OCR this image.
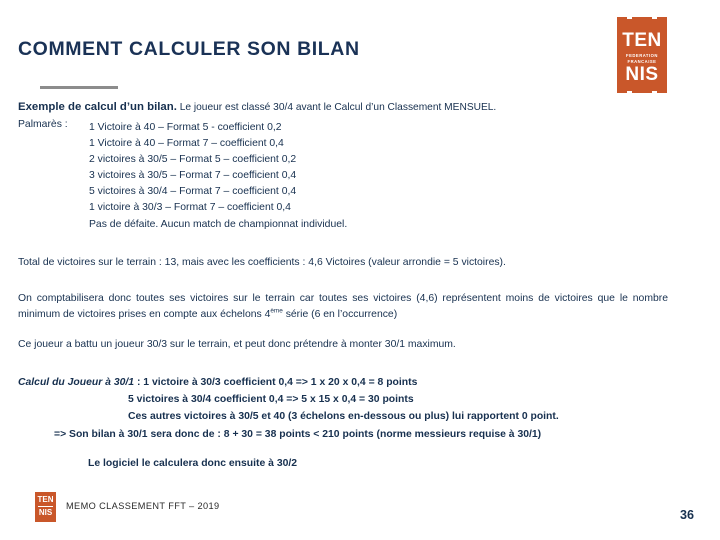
COMMENT CALCULER SON BILAN	TEN
FEDERATION
FRANCAISE
NIS
Exemple de calcul d’un bilan. Le joueur est classé 30/4 avant le Calcul d’un Classement MENSUEL.
Palmarès : 1 Victoire à 40 – Format 5 - coefficient 0,2
1 Victoire à 40 – Format 7 – coefficient 0,4
2 victoires à 30/5 – Format 5 – coefficient 0,2
3 victoires à 30/5 – Format 7 – coefficient 0,4
5 victoires à 30/4 – Format 7 – coefficient 0,4
1 victoire à 30/3 – Format 7 – coefficient 0,4
Pas de défaite. Aucun match de championnat individuel.
Total de victoires sur le terrain : 13, mais avec les coefficients : 4,6 Victoires (valeur arrondie = 5 victoires).
On comptabilisera donc toutes ses victoires sur le terrain car toutes ses victoires (4,6) représentent moins de victoires que le nombre minimum de victoires prises en compte aux échelons 4ème série (6 en l’occurrence)
Ce joueur a battu un joueur 30/3 sur le terrain, et peut donc prétendre à monter 30/1 maximum.
Calcul du Joueur à 30/1 : 1 victoire à 30/3 coefficient 0,4 => 1 x 20 x 0,4 = 8 points
5 victoires à 30/4 coefficient 0,4 => 5 x 15 x 0,4 = 30 points
Ces autres victoires à 30/5 et 40 (3 échelons en-dessous ou plus) lui rapportent 0 point.
=> Son bilan à 30/1 sera donc de : 8 + 30 = 38 points < 210 points (norme messieurs requise à 30/1)
Le logiciel le calculera donc ensuite à 30/2
TEN
NIS
MEMO CLASSEMENT FFT – 2019
36
